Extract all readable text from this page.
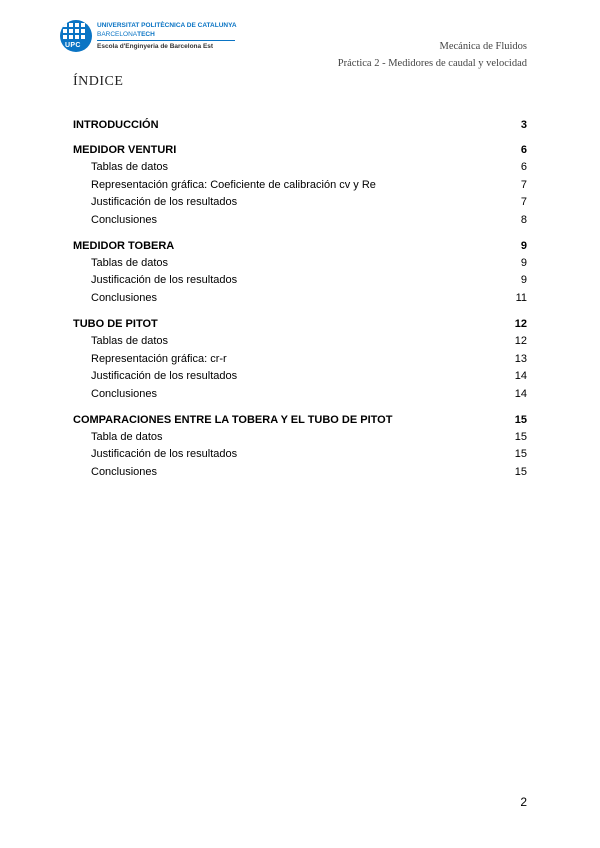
UPC
UNIVERSITAT POLITÈCNICA DE CATALUNYA
BARCELONATECH
Escola d'Enginyeria de Barcelona Est	Mecánica de Fluidos
Práctica 2 - Medidores de caudal y velocidad
ÍNDICE
INTRODUCCIÓN	3
MEDIDOR VENTURI	6
Tablas de datos	6
Representación gráfica: Coeficiente de calibración cv y Re	7
Justificación de los resultados	7
Conclusiones	8
MEDIDOR TOBERA	9
Tablas de datos	9
Justificación de los resultados	9
Conclusiones	11
TUBO DE PITOT	12
Tablas de datos	12
Representación gráfica: cr-r	13
Justificación de los resultados	14
Conclusiones	14
COMPARACIONES ENTRE LA TOBERA Y EL TUBO DE PITOT	15
Tabla de datos	15
Justificación de los resultados	15
Conclusiones	15
2
